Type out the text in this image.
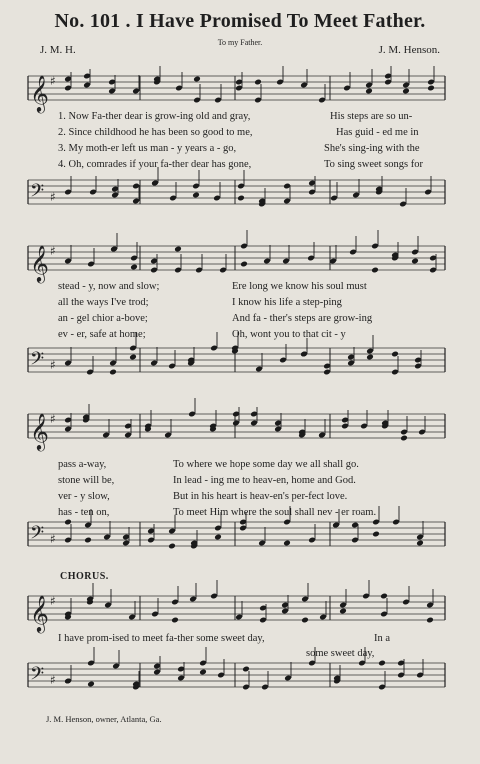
No. 101 . I Have Promised To Meet Father.
To my Father.
J. M. H.	J. M. Henson.
𝄞 ♯
1. Now Fa-ther dear is grow-ing old and gray,	His steps are so un-
2. Since childhood he has been so good to me,	Has guid - ed me in
3. My moth-er left us man - y years a - go,	She's sing-ing with the
4. Oh, comrades if your fa-ther dear has gone,	To sing sweet songs for
𝄢 ♯
𝄞 ♯
stead - y, now and slow;	Ere long we know his soul must
all the ways I've trod;	I know his life a step-ping
an - gel chior a-bove;	And fa - ther's steps are grow-ing
ev - er, safe at home;	Oh, wont you to that cit - y
𝄢 ♯
𝄞 ♯
pass a-way,	To where we hope some day we all shall go.
stone will be,	In lead - ing me to heav-en, home and God.
ver - y slow,	But in his heart is heav-en's per-fect love.
has - ten on,	To meet Him where the soul shall nev - er roam.
𝄢 ♯
CHORUS.
𝄞 ♯
I have prom-ised to meet fa-ther some sweet day,	In a
some sweet day,
𝄢 ♯
J. M. Henson, owner, Atlanta, Ga.
